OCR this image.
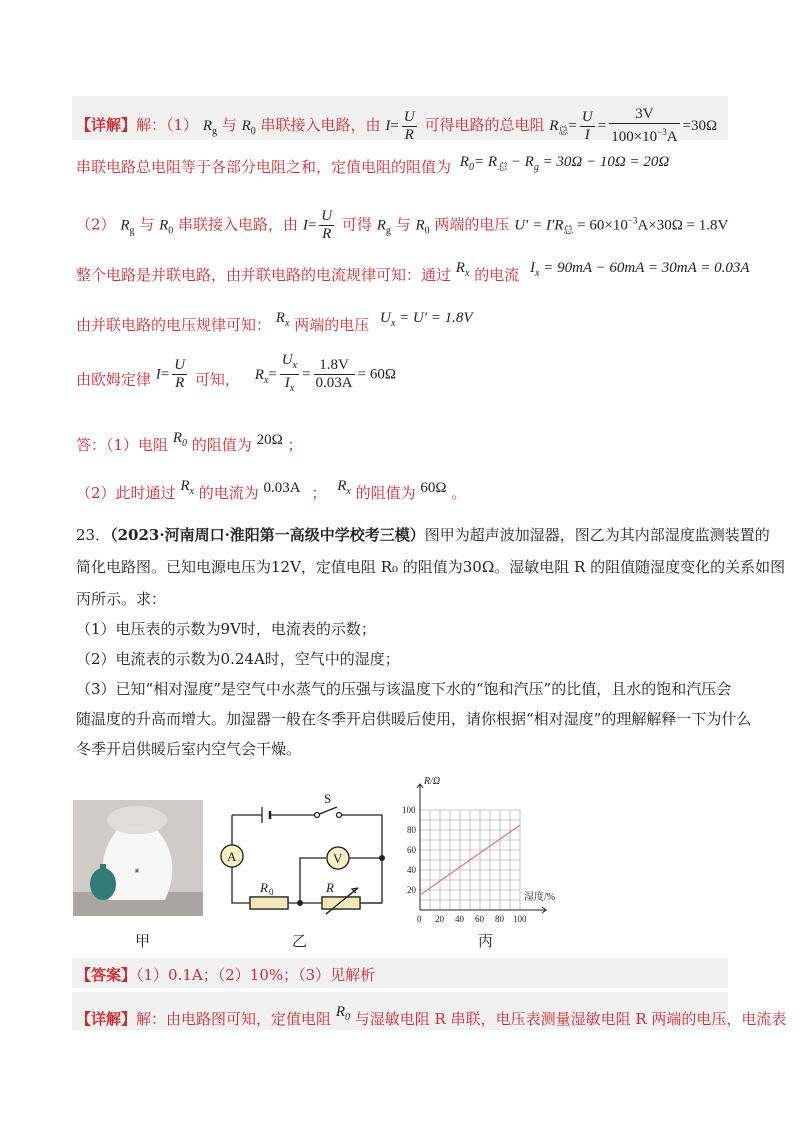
【详解】解：（1） $R_g$ 与 $R_0$ 串联接入电路，由 $I= \frac{U}{R}$ 可得电路的总电阻 $R_总= \frac{U}{I} = \frac{3V}{100\times 10^{-3}A} =30\Omega$
串联电路总电阻等于各部分电阻之和，定值电阻的阻值为 $R_0= R_总 - R_g = 30\Omega - 10\Omega = 20\Omega$
（2） $R_g$ 与 $R_0$ 串联接入电路，由 $I= \frac{U}{R}$ 可得 $R_g$ 与 $R_0$ 两端的电压 $U' = I'R_总 = 60\times 10^{-3}A\times 30\Omega = 1.8V$
整个电路是并联电路，由并联电路的电流规律可知：通过 $R_x$ 的电流 $I_x = 90mA - 60mA = 30mA = 0.03A$
由并联电路的电压规律可知： $R_x$ 两端的电压 $U_x = U' = 1.8V$
由欧姆定律 $I= \frac{U}{R}$ 可知， $R_x= \frac{U_x}{I_x} = \frac{1.8V}{0.03A} = 60\Omega$
答：（1）电阻 $R_0$ 的阻值为 20Ω ；
（2）此时通过 $R_x$ 的电流为 0.03A ； $R_x$ 的阻值为 60Ω 。
23．（2023·河南周口·淮阳第一高级中学校考三模）图甲为超声波加湿器，图乙为其内部湿度监测装置的
简化电路图。已知电源电压为12V，定值电阻 R₀ 的阻值为30Ω。湿敏电阻 R 的阻值随湿度变化的关系如图
丙所示。求：
（1）电压表的示数为9V时，电流表的示数；
（2）电流表的示数为0.24A时，空气中的湿度；
（3）已知“相对湿度”是空气中水蒸气的压强与该温度下水的“饱和汽压”的比值，且水的饱和汽压会
随温度的升高而增大。加湿器一般在冬季开启供暖后使用，请你根据“相对湿度”的理解解释一下为什么
冬季开启供暖后室内空气会干燥。
▣
甲
S
A	V
R 0	R
乙
R/Ω
湿度/%
100
80
60
40
20
0 20 40 60 80 100
丙
【答案】（1）0.1A；（2）10%；（3）见解析
【详解】解：由电路图可知，定值电阻 $R_0$ 与湿敏电阻 R 串联，电压表测量湿敏电阻 R 两端的电压，电流表
